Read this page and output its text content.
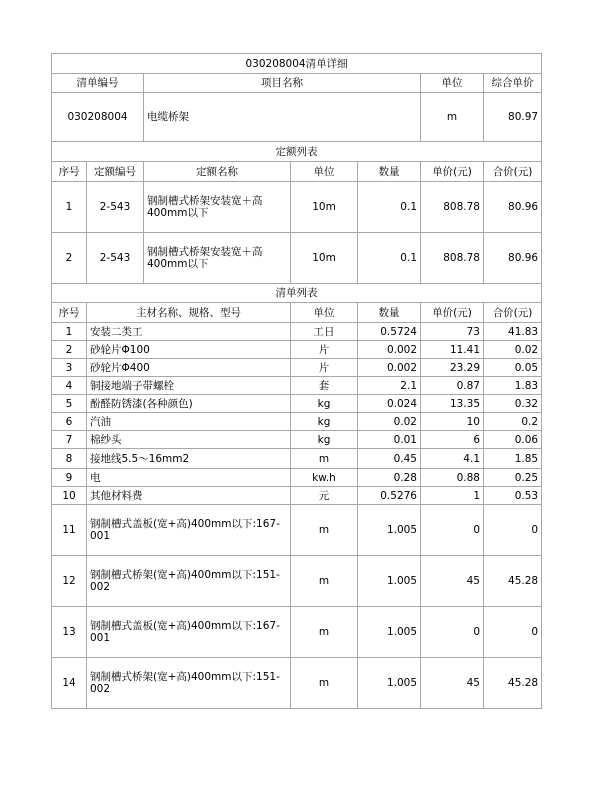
030208004清单详细						
清单编号		项目名称			单位	综合单价
030208004		电缆桥架			m	80.97
定额列表						
序号	定额编号	定额名称	单位	数量	单价(元)	合价(元)
1	2-543	钢制槽式桥架安装宽＋高400mm以下	10m	0.1	808.78	80.96
2	2-543	钢制槽式桥架安装宽＋高400mm以下	10m	0.1	808.78	80.96
清单列表						
序号	主材名称、规格、型号		单位	数量	单价(元)	合价(元)
1	安装二类工		工日	0.5724	73	41.83
2	砂轮片Φ100		片	0.002	11.41	0.02
3	砂轮片Φ400		片	0.002	23.29	0.05
4	铜接地端子带螺栓		套	2.1	0.87	1.83
5	酚醛防锈漆(各种颜色)		kg	0.024	13.35	0.32
6	汽油		kg	0.02	10	0.2
7	棉纱头		kg	0.01	6	0.06
8	接地线5.5～16mm2		m	0.45	4.1	1.85
9	电		kw.h	0.28	0.88	0.25
10	其他材料费		元	0.5276	1	0.53
11	钢制槽式盖板(宽+高)400mm以下:167-001		m	1.005	0	0
12	钢制槽式桥架(宽+高)400mm以下:151-002		m	1.005	45	45.28
13	钢制槽式盖板(宽+高)400mm以下:167-001		m	1.005	0	0
14	钢制槽式桥架(宽+高)400mm以下:151-002		m	1.005	45	45.28
